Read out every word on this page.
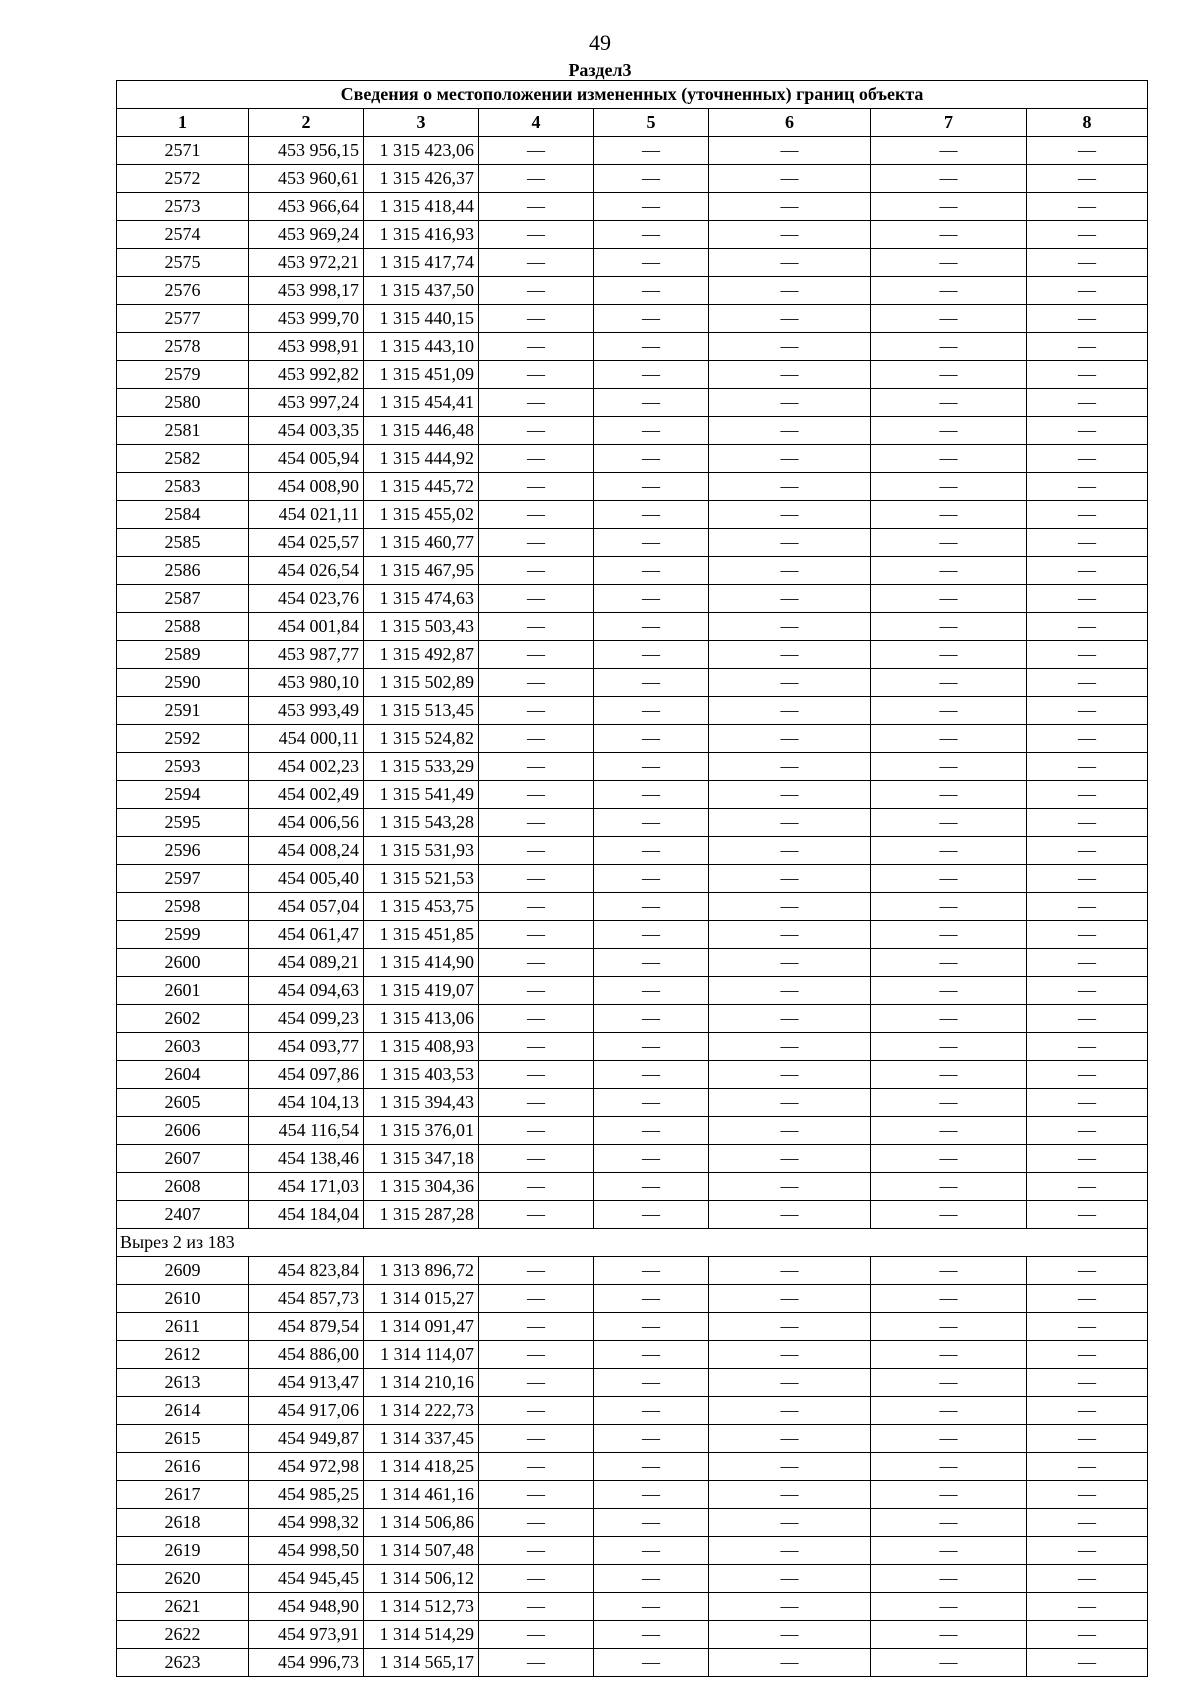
49
Раздел3
Сведения о местоположении измененных (уточненных) границ объекта							
1	2	3	4	5	6	7	8
2571	453 956,15	1 315 423,06	—	—	—	—	—
2572	453 960,61	1 315 426,37	—	—	—	—	—
2573	453 966,64	1 315 418,44	—	—	—	—	—
2574	453 969,24	1 315 416,93	—	—	—	—	—
2575	453 972,21	1 315 417,74	—	—	—	—	—
2576	453 998,17	1 315 437,50	—	—	—	—	—
2577	453 999,70	1 315 440,15	—	—	—	—	—
2578	453 998,91	1 315 443,10	—	—	—	—	—
2579	453 992,82	1 315 451,09	—	—	—	—	—
2580	453 997,24	1 315 454,41	—	—	—	—	—
2581	454 003,35	1 315 446,48	—	—	—	—	—
2582	454 005,94	1 315 444,92	—	—	—	—	—
2583	454 008,90	1 315 445,72	—	—	—	—	—
2584	454 021,11	1 315 455,02	—	—	—	—	—
2585	454 025,57	1 315 460,77	—	—	—	—	—
2586	454 026,54	1 315 467,95	—	—	—	—	—
2587	454 023,76	1 315 474,63	—	—	—	—	—
2588	454 001,84	1 315 503,43	—	—	—	—	—
2589	453 987,77	1 315 492,87	—	—	—	—	—
2590	453 980,10	1 315 502,89	—	—	—	—	—
2591	453 993,49	1 315 513,45	—	—	—	—	—
2592	454 000,11	1 315 524,82	—	—	—	—	—
2593	454 002,23	1 315 533,29	—	—	—	—	—
2594	454 002,49	1 315 541,49	—	—	—	—	—
2595	454 006,56	1 315 543,28	—	—	—	—	—
2596	454 008,24	1 315 531,93	—	—	—	—	—
2597	454 005,40	1 315 521,53	—	—	—	—	—
2598	454 057,04	1 315 453,75	—	—	—	—	—
2599	454 061,47	1 315 451,85	—	—	—	—	—
2600	454 089,21	1 315 414,90	—	—	—	—	—
2601	454 094,63	1 315 419,07	—	—	—	—	—
2602	454 099,23	1 315 413,06	—	—	—	—	—
2603	454 093,77	1 315 408,93	—	—	—	—	—
2604	454 097,86	1 315 403,53	—	—	—	—	—
2605	454 104,13	1 315 394,43	—	—	—	—	—
2606	454 116,54	1 315 376,01	—	—	—	—	—
2607	454 138,46	1 315 347,18	—	—	—	—	—
2608	454 171,03	1 315 304,36	—	—	—	—	—
2407	454 184,04	1 315 287,28	—	—	—	—	—
Вырез 2 из 183							
2609	454 823,84	1 313 896,72	—	—	—	—	—
2610	454 857,73	1 314 015,27	—	—	—	—	—
2611	454 879,54	1 314 091,47	—	—	—	—	—
2612	454 886,00	1 314 114,07	—	—	—	—	—
2613	454 913,47	1 314 210,16	—	—	—	—	—
2614	454 917,06	1 314 222,73	—	—	—	—	—
2615	454 949,87	1 314 337,45	—	—	—	—	—
2616	454 972,98	1 314 418,25	—	—	—	—	—
2617	454 985,25	1 314 461,16	—	—	—	—	—
2618	454 998,32	1 314 506,86	—	—	—	—	—
2619	454 998,50	1 314 507,48	—	—	—	—	—
2620	454 945,45	1 314 506,12	—	—	—	—	—
2621	454 948,90	1 314 512,73	—	—	—	—	—
2622	454 973,91	1 314 514,29	—	—	—	—	—
2623	454 996,73	1 314 565,17	—	—	—	—	—
